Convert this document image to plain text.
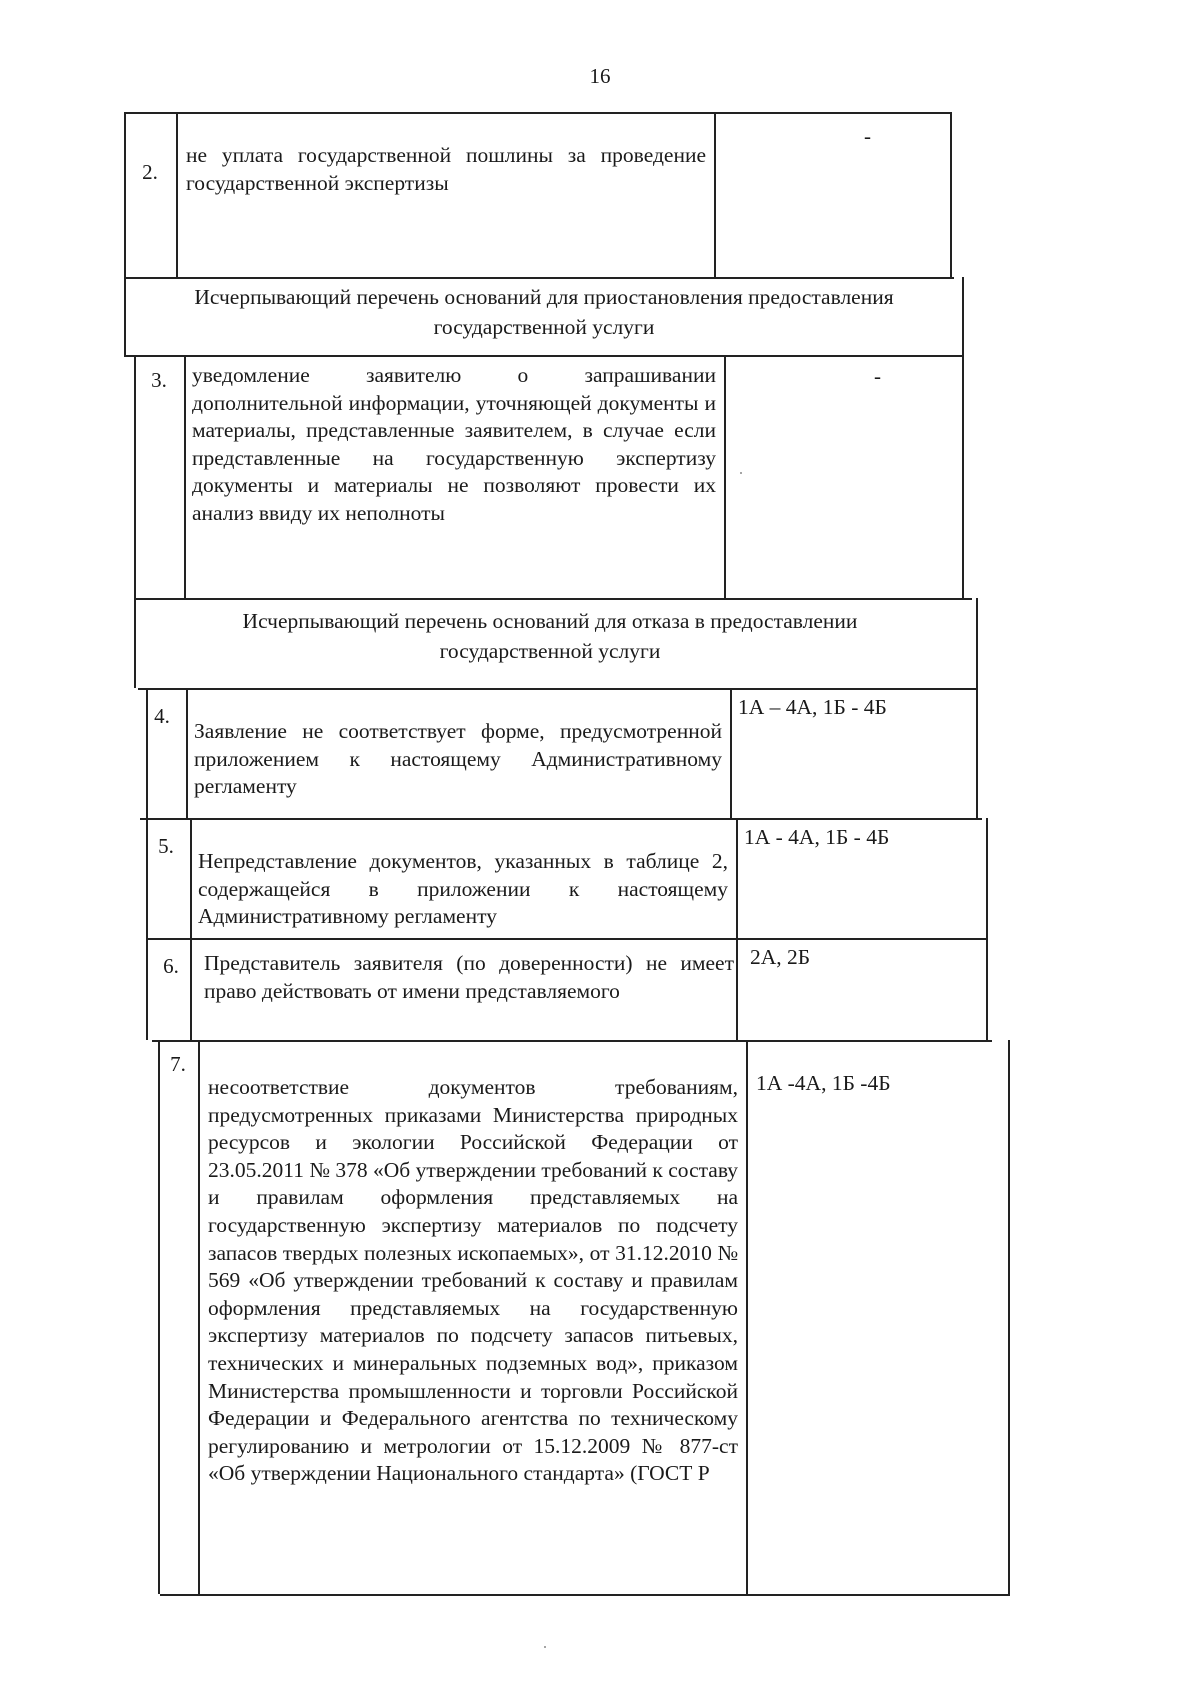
16
2.
не уплата государственной пошлины за проведение государственной экспертизы
-
Исчерпывающий перечень оснований для приостановления предоставления государственной услуги
3.	уведомление заявителю о запрашивании дополнительной информации, уточняющей документы и материалы, представленные заявителем, в случае если представленные на государственную экспертизу документы и материалы не позволяют провести их анализ ввиду их неполноты
-
Исчерпывающий перечень оснований для отказа в предоставлении государственной услуги
4.
Заявление не соответствует форме, предусмотренной приложением к настоящему Административному регламенту
1А – 4А, 1Б - 4Б
5.
Непредставление документов, указанных в таблице 2, содержащейся в приложении к настоящему Административному регламенту
1А - 4А, 1Б - 4Б
6.	Представитель заявителя (по доверенности) не имеет право действовать от имени представляемого
2А, 2Б
7.
несоответствие документов требованиям, предусмотренных приказами Министерства природных ресурсов и экологии Российской Федерации от 23.05.2011 № 378 «Об утверждении требований к составу и правилам оформления представляемых на государственную экспертизу материалов по подсчету запасов твердых полезных ископаемых», от 31.12.2010 № 569 «Об утверждении требований к составу и правилам оформления представляемых на государственную экспертизу материалов по подсчету запасов питьевых, технических и минеральных подземных вод», приказом Министерства промышленности и торговли Российской Федерации и Федерального агентства по техническому регулированию и метрологии от 15.12.2009 № 877-ст «Об утверждении Национального стандарта» (ГОСТ Р
1А -4А, 1Б -4Б
